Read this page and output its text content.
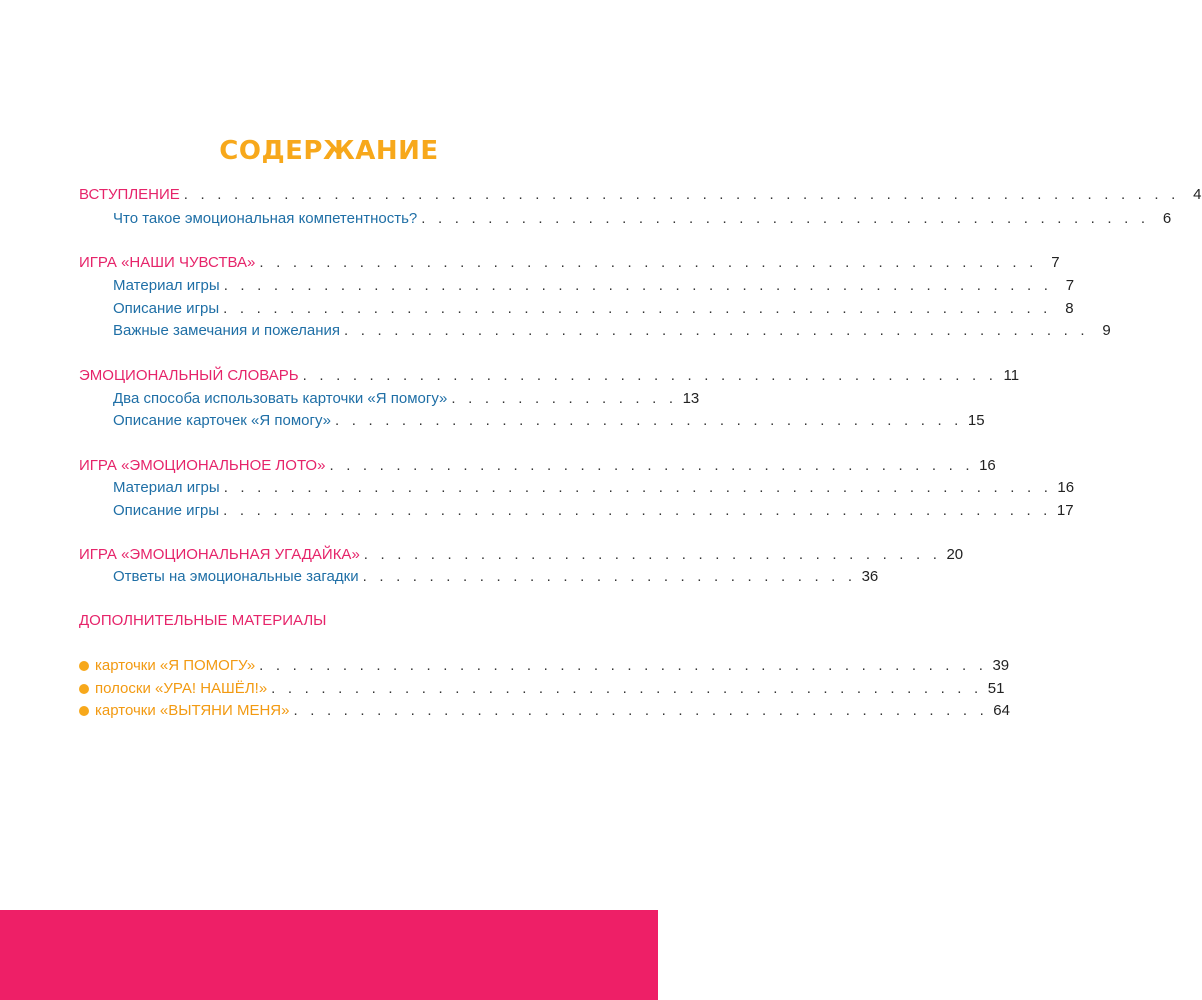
СОДЕРЖАНИЕ
ВСТУПЛЕНИЕ . . . . . . . . . . . . . . . . . . . . . . . . . . . . . . . . . . . . . . . . . . . . . . . . . . . . . . . . . . . . 4
Что такое эмоциональная компетентность? . . . . . . . . . . . . . . . . . . . . . . . . . . . . . . . . . . . . . . . . . . . . 6
ИГРА «НАШИ ЧУВСТВА» . . . . . . . . . . . . . . . . . . . . . . . . . . . . . . . . . . . . . . . . . . . . . . . 7
Материал игры . . . . . . . . . . . . . . . . . . . . . . . . . . . . . . . . . . . . . . . . . . . . . . . . . . 7
Описание игры . . . . . . . . . . . . . . . . . . . . . . . . . . . . . . . . . . . . . . . . . . . . . . . . . . 8
Важные замечания и пожелания . . . . . . . . . . . . . . . . . . . . . . . . . . . . . . . . . . . . . . . . . . . . . 9
ЭМОЦИОНАЛЬНЫЙ СЛОВАРЬ . . . . . . . . . . . . . . . . . . . . . . . . . . . . . . . . . . . . . . . . . . 11
Два способа использовать карточки «Я помогу» . . . . . . . . . . . . . . 13
Описание карточек «Я помогу» . . . . . . . . . . . . . . . . . . . . . . . . . . . . . . . . . . . . . . 15
ИГРА «ЭМОЦИОНАЛЬНОЕ ЛОТО» . . . . . . . . . . . . . . . . . . . . . . . . . . . . . . . . . . . . . . . 16
Материал игры . . . . . . . . . . . . . . . . . . . . . . . . . . . . . . . . . . . . . . . . . . . . . . . . . . 16
Описание игры . . . . . . . . . . . . . . . . . . . . . . . . . . . . . . . . . . . . . . . . . . . . . . . . . . 17
ИГРА «ЭМОЦИОНАЛЬНАЯ УГАДАЙКА» . . . . . . . . . . . . . . . . . . . . . . . . . . . . . . . . . . . 20
Ответы на эмоциональные загадки . . . . . . . . . . . . . . . . . . . . . . . . . . . . . . 36
ДОПОЛНИТЕЛЬНЫЕ МАТЕРИАЛЫ
карточки «Я ПОМОГУ» . . . . . . . . . . . . . . . . . . . . . . . . . . . . . . . . . . . . . . . . . . . . 39
полоски «УРА! НАШЁЛ!» . . . . . . . . . . . . . . . . . . . . . . . . . . . . . . . . . . . . . . . . . . . 51
карточки «ВЫТЯНИ МЕНЯ» . . . . . . . . . . . . . . . . . . . . . . . . . . . . . . . . . . . . . . . . . . 64
